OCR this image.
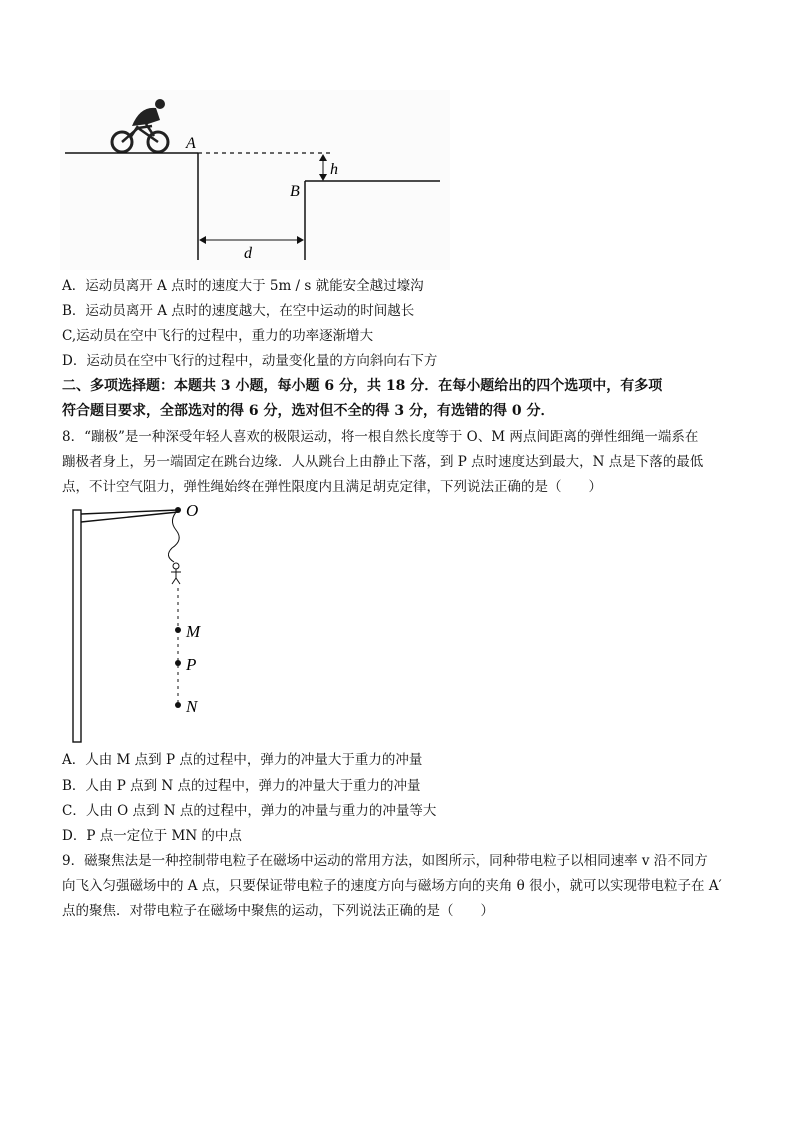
A
B
h
d
A．运动员离开 A 点时的速度大于 5m / s 就能安全越过壕沟
B．运动员离开 A 点时的速度越大，在空中运动的时间越长
C,运动员在空中飞行的过程中，重力的功率逐渐增大
D．运动员在空中飞行的过程中，动量变化量的方向斜向右下方
二、多项选择题：本题共 3 小题，每小题 6 分，共 18 分．在每小题给出的四个选项中，有多项
符合题目要求，全部选对的得 6 分，选对但不全的得 3 分，有选错的得 0 分．
8．“蹦极”是一种深受年轻人喜欢的极限运动，将一根自然长度等于 O、M 两点间距离的弹性细绳一端系在
蹦极者身上，另一端固定在跳台边缘．人从跳台上由静止下落，到 P 点时速度达到最大，N 点是下落的最低
点，不计空气阻力，弹性绳始终在弹性限度内且满足胡克定律，下列说法正确的是（　　）
O
M
P
N
A．人由 M 点到 P 点的过程中，弹力的冲量大于重力的冲量
B．人由 P 点到 N 点的过程中，弹力的冲量大于重力的冲量
C．人由 O 点到 N 点的过程中，弹力的冲量与重力的冲量等大
D．P 点一定位于 MN 的中点
9．磁聚焦法是一种控制带电粒子在磁场中运动的常用方法，如图所示，同种带电粒子以相同速率 v 沿不同方
向飞入匀强磁场中的 A 点，只要保证带电粒子的速度方向与磁场方向的夹角 θ 很小，就可以实现带电粒子在 A′
点的聚焦．对带电粒子在磁场中聚焦的运动，下列说法正确的是（　　）
